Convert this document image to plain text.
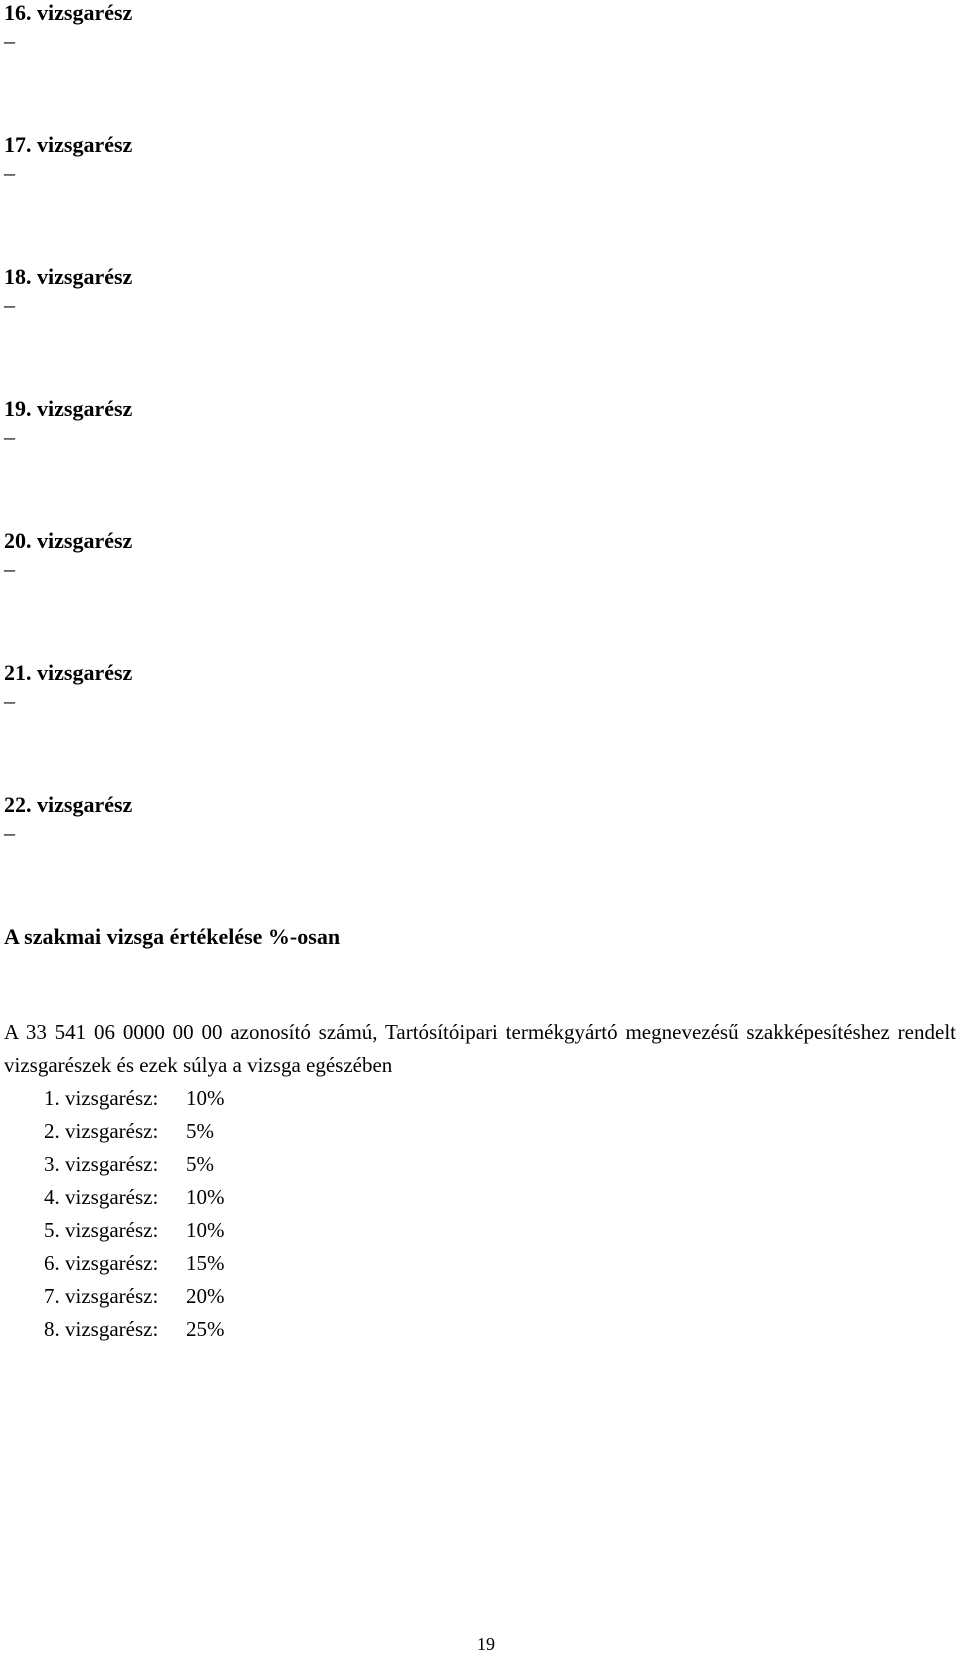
16. vizsgarész
–
17. vizsgarész
–
18. vizsgarész
–
19. vizsgarész
–
20. vizsgarész
–
21. vizsgarész
–
22. vizsgarész
–
A szakmai vizsga értékelése %-osan
A 33 541 06 0000 00 00 azonosító számú, Tartósítóipari termékgyártó megnevezésű szakképesítéshez rendelt vizsgarészek és ezek súlya a vizsga egészében
1. vizsgarész:	10%
2. vizsgarész:	5%
3. vizsgarész:	5%
4. vizsgarész:	10%
5. vizsgarész:	10%
6. vizsgarész:	15%
7. vizsgarész:	20%
8. vizsgarész:	25%
19
